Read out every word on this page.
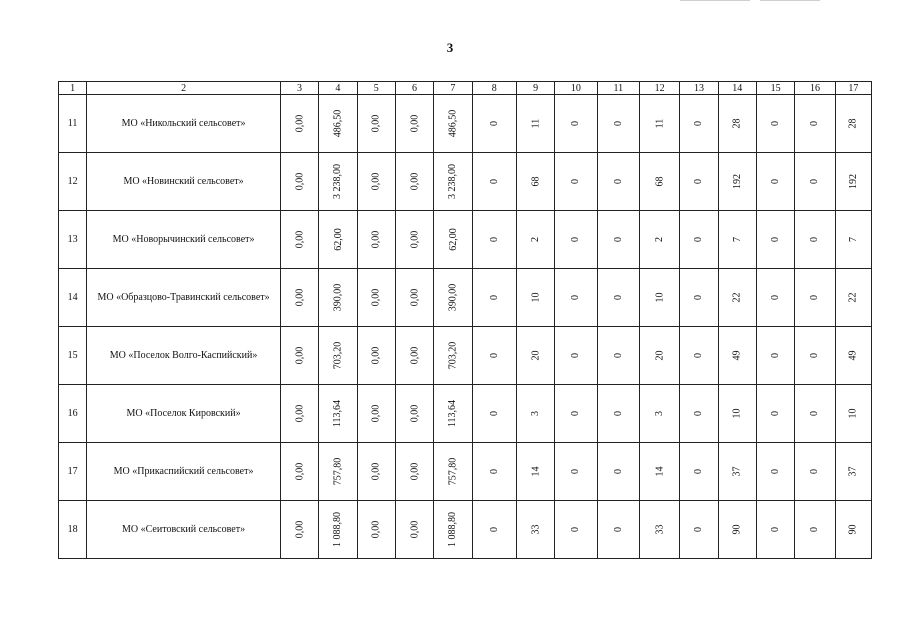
3
1	2	3	4	5	6	7	8	9	10	11	12	13	14	15	16	17
11	МО «Никольский сельсовет»	0,00	486,50	0,00	0,00	486,50	0	11	0	0	11	0	28	0	0	28
12	МО «Новинский сельсовет»	0,00	3 238,00	0,00	0,00	3 238,00	0	68	0	0	68	0	192	0	0	192
13	МО «Новорычинский сельсовет»	0,00	62,00	0,00	0,00	62,00	0	2	0	0	2	0	7	0	0	7
14	МО «Образцово-Травинский сельсовет»	0,00	390,00	0,00	0,00	390,00	0	10	0	0	10	0	22	0	0	22
15	МО «Поселок Волго-Каспийский»	0,00	703,20	0,00	0,00	703,20	0	20	0	0	20	0	49	0	0	49
16	МО «Поселок Кировский»	0,00	113,64	0,00	0,00	113,64	0	3	0	0	3	0	10	0	0	10
17	МО «Прикаспийский сельсовет»	0,00	757,80	0,00	0,00	757,80	0	14	0	0	14	0	37	0	0	37
18	МО «Сеитовский сельсовет»	0,00	1 088,80	0,00	0,00	1 088,80	0	33	0	0	33	0	90	0	0	90
